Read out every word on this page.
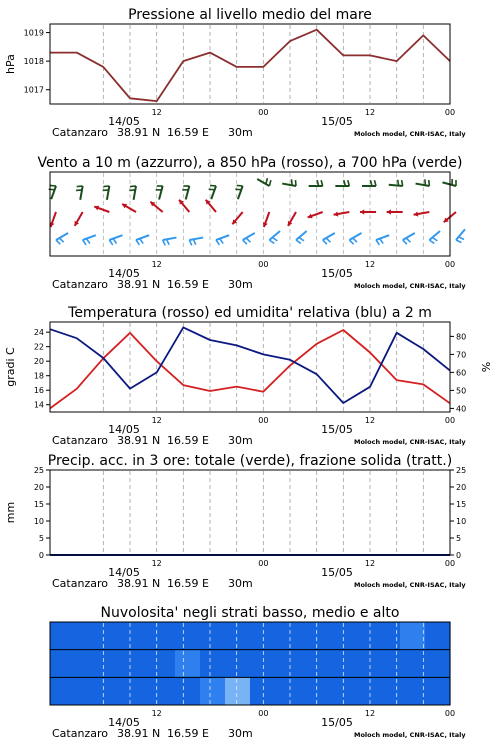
Pressione al livello medio del mare
1017
1018
1019
hPa
12	00	12	00
14/05	15/05
Catanzaro 38.91 N 16.59 E 30m	Moloch model, CNR-ISAC, Italy
Vento a 10 m (azzurro), a 850 hPa (rosso), a 700 hPa (verde)
12	00	12	00
14/05	15/05
Catanzaro 38.91 N 16.59 E 30m	Moloch model, CNR-ISAC, Italy
Temperatura (rosso) ed umidita' relativa (blu) a 2 m
14
16
18
20
22
24
40
50
60
70
80
gradi C	%
12	00	12	00
14/05	15/05
Catanzaro 38.91 N 16.59 E 30m	Moloch model, CNR-ISAC, Italy
Precip. acc. in 3 ore: totale (verde), frazione solida (tratt.)
0
5
10
15
20
25
0
5
10
15
20
25
mm
12	00	12	00
14/05	15/05
Catanzaro 38.91 N 16.59 E 30m	Moloch model, CNR-ISAC, Italy
Nuvolosita' negli strati basso, medio e alto
12	00	12	00
14/05	15/05
Catanzaro 38.91 N 16.59 E 30m	Moloch model, CNR-ISAC, Italy
